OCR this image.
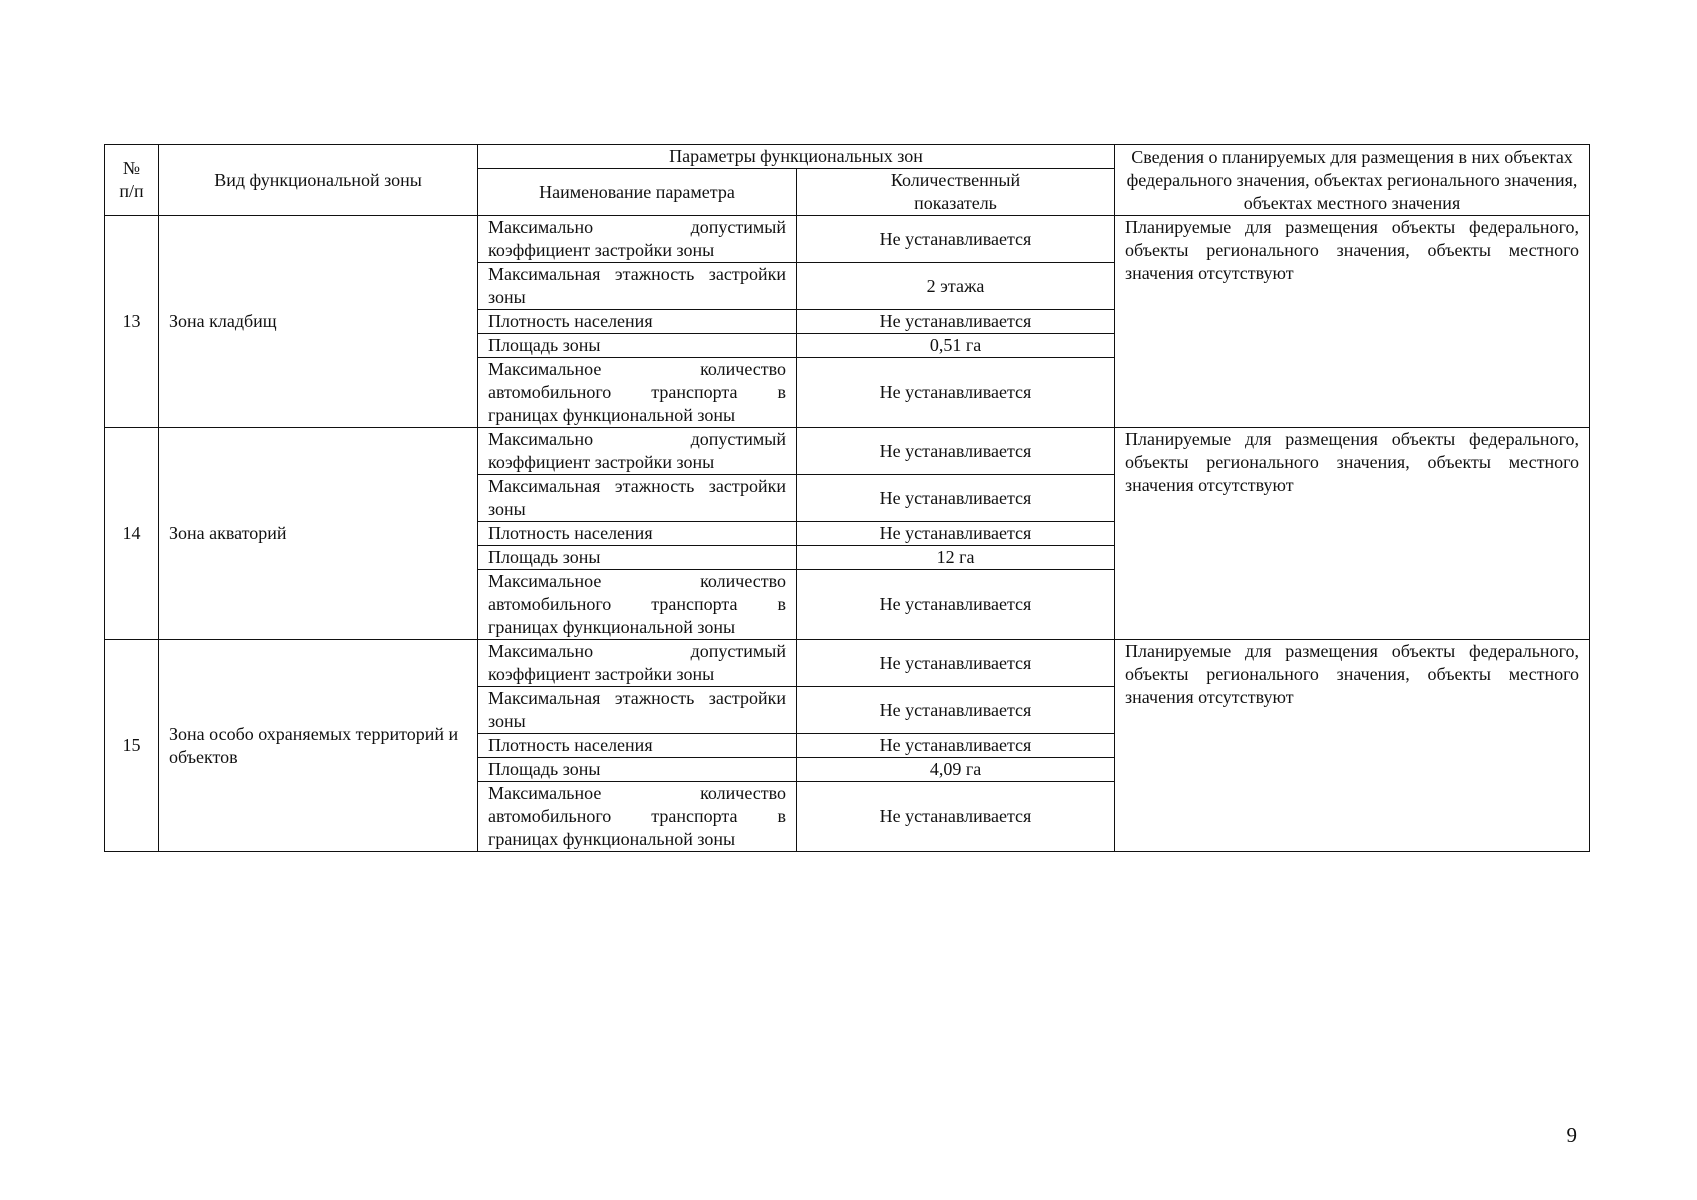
№
п/п	Вид функциональной зоны	Параметры функциональных зон		Сведения о планируемых для размещения в них объектах федерального значения, объектах регионального значения, объектах местного значения
		Наименование параметра	Количественный показатель	
13	Зона кладбищ	Максимально допустимый коэффициент застройки зоны	Не устанавливается	Планируемые для размещения объекты федерального, объекты регионального значения, объекты местного значения отсутствуют
		Максимальная этажность застройки зоны	2 этажа	
		Плотность населения	Не устанавливается	
		Площадь зоны	0,51 га	
		Максимальное количество автомобильного транспорта в границах функциональной зоны	Не устанавливается	
14	Зона акваторий	Максимально допустимый коэффициент застройки зоны	Не устанавливается	Планируемые для размещения объекты федерального, объекты регионального значения, объекты местного значения отсутствуют
		Максимальная этажность застройки зоны	Не устанавливается	
		Плотность населения	Не устанавливается	
		Площадь зоны	12 га	
		Максимальное количество автомобильного транспорта в границах функциональной зоны	Не устанавливается	
15	Зона особо охраняемых территорий и объектов	Максимально допустимый коэффициент застройки зоны	Не устанавливается	Планируемые для размещения объекты федерального, объекты регионального значения, объекты местного значения отсутствуют
		Максимальная этажность застройки зоны	Не устанавливается	
		Плотность населения	Не устанавливается	
		Площадь зоны	4,09 га	
		Максимальное количество автомобильного транспорта в границах функциональной зоны	Не устанавливается	
9
